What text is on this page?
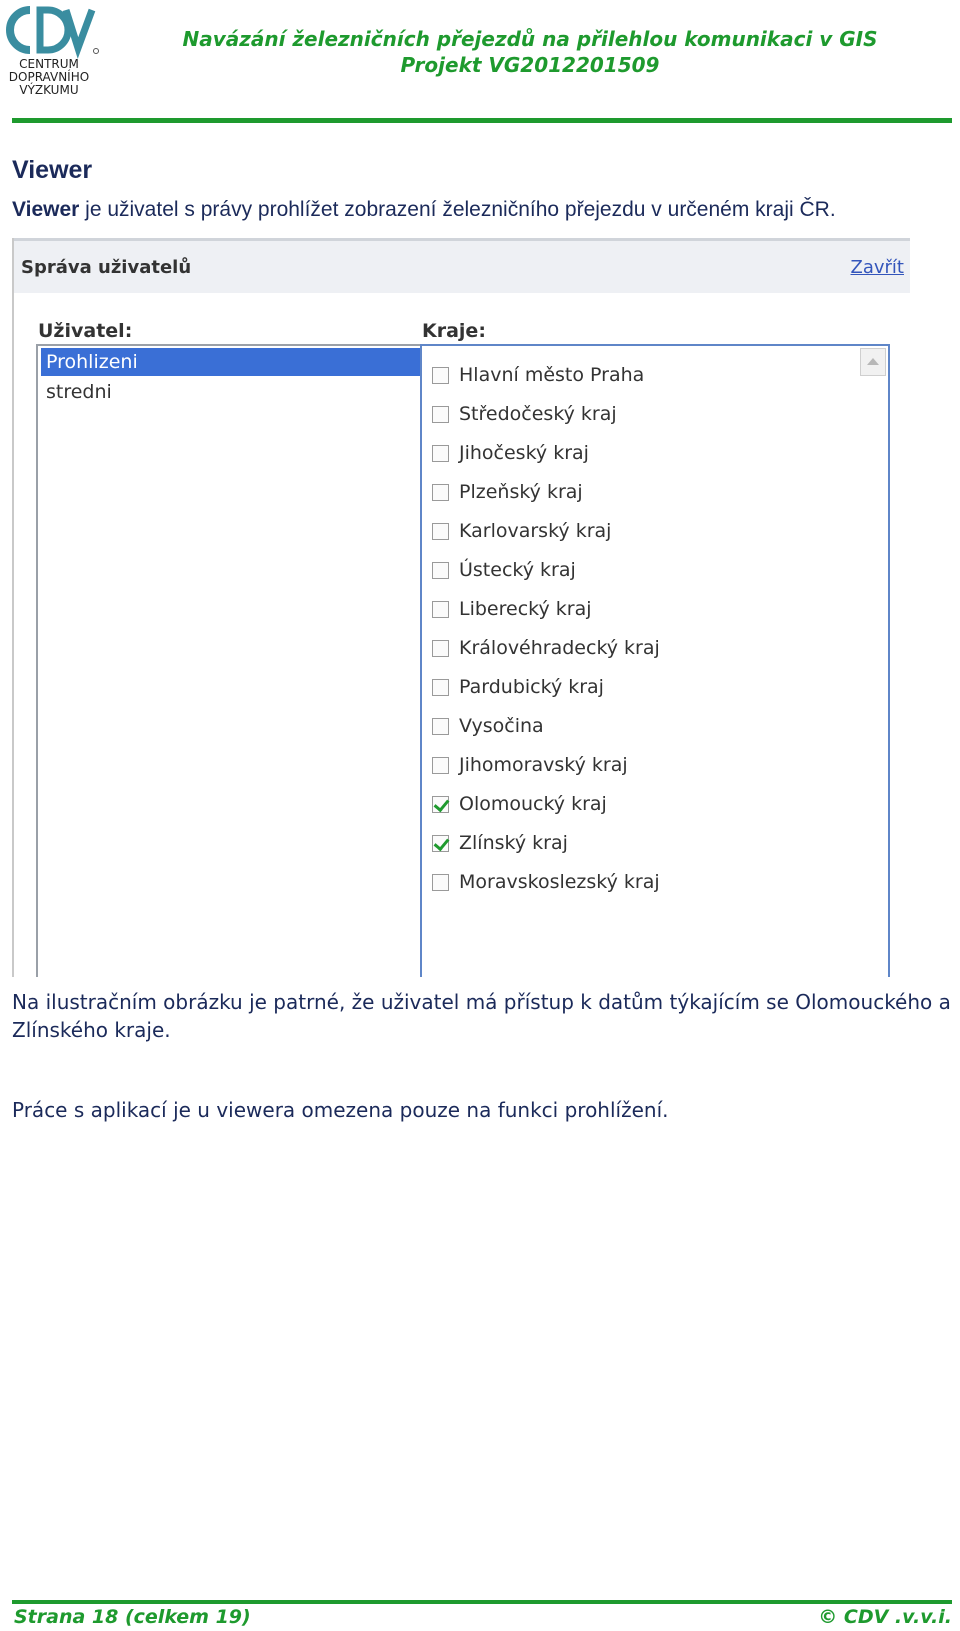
CENTRUM
DOPRAVNÍHO
VÝZKUMU
Navázání železničních přejezdů na přilehlou komunikaci v GIS
Projekt VG2012201509
Viewer

Viewer je uživatel s právy prohlížet zobrazení železničního přejezdu v určeném kraji ČR.

Správa uživatelů	Zavřít
Uživatel:	Kraje:
Prohlizeni
stredni
Hlavní město Praha
Středočeský kraj
Jihočeský kraj
Plzeňský kraj
Karlovarský kraj
Ústecký kraj
Liberecký kraj
Královéhradecký kraj
Pardubický kraj
Vysočina
Jihomoravský kraj
Olomoucký kraj
Zlínský kraj
Moravskoslezský kraj

Na ilustračním obrázku je patrné, že uživatel má přístup k datům týkajícím se Olomouckého a Zlínského kraje.

Práce s aplikací je u viewera omezena pouze na funkci prohlížení.

Strana 18 (celkem 19)	© CDV .v.v.i.
